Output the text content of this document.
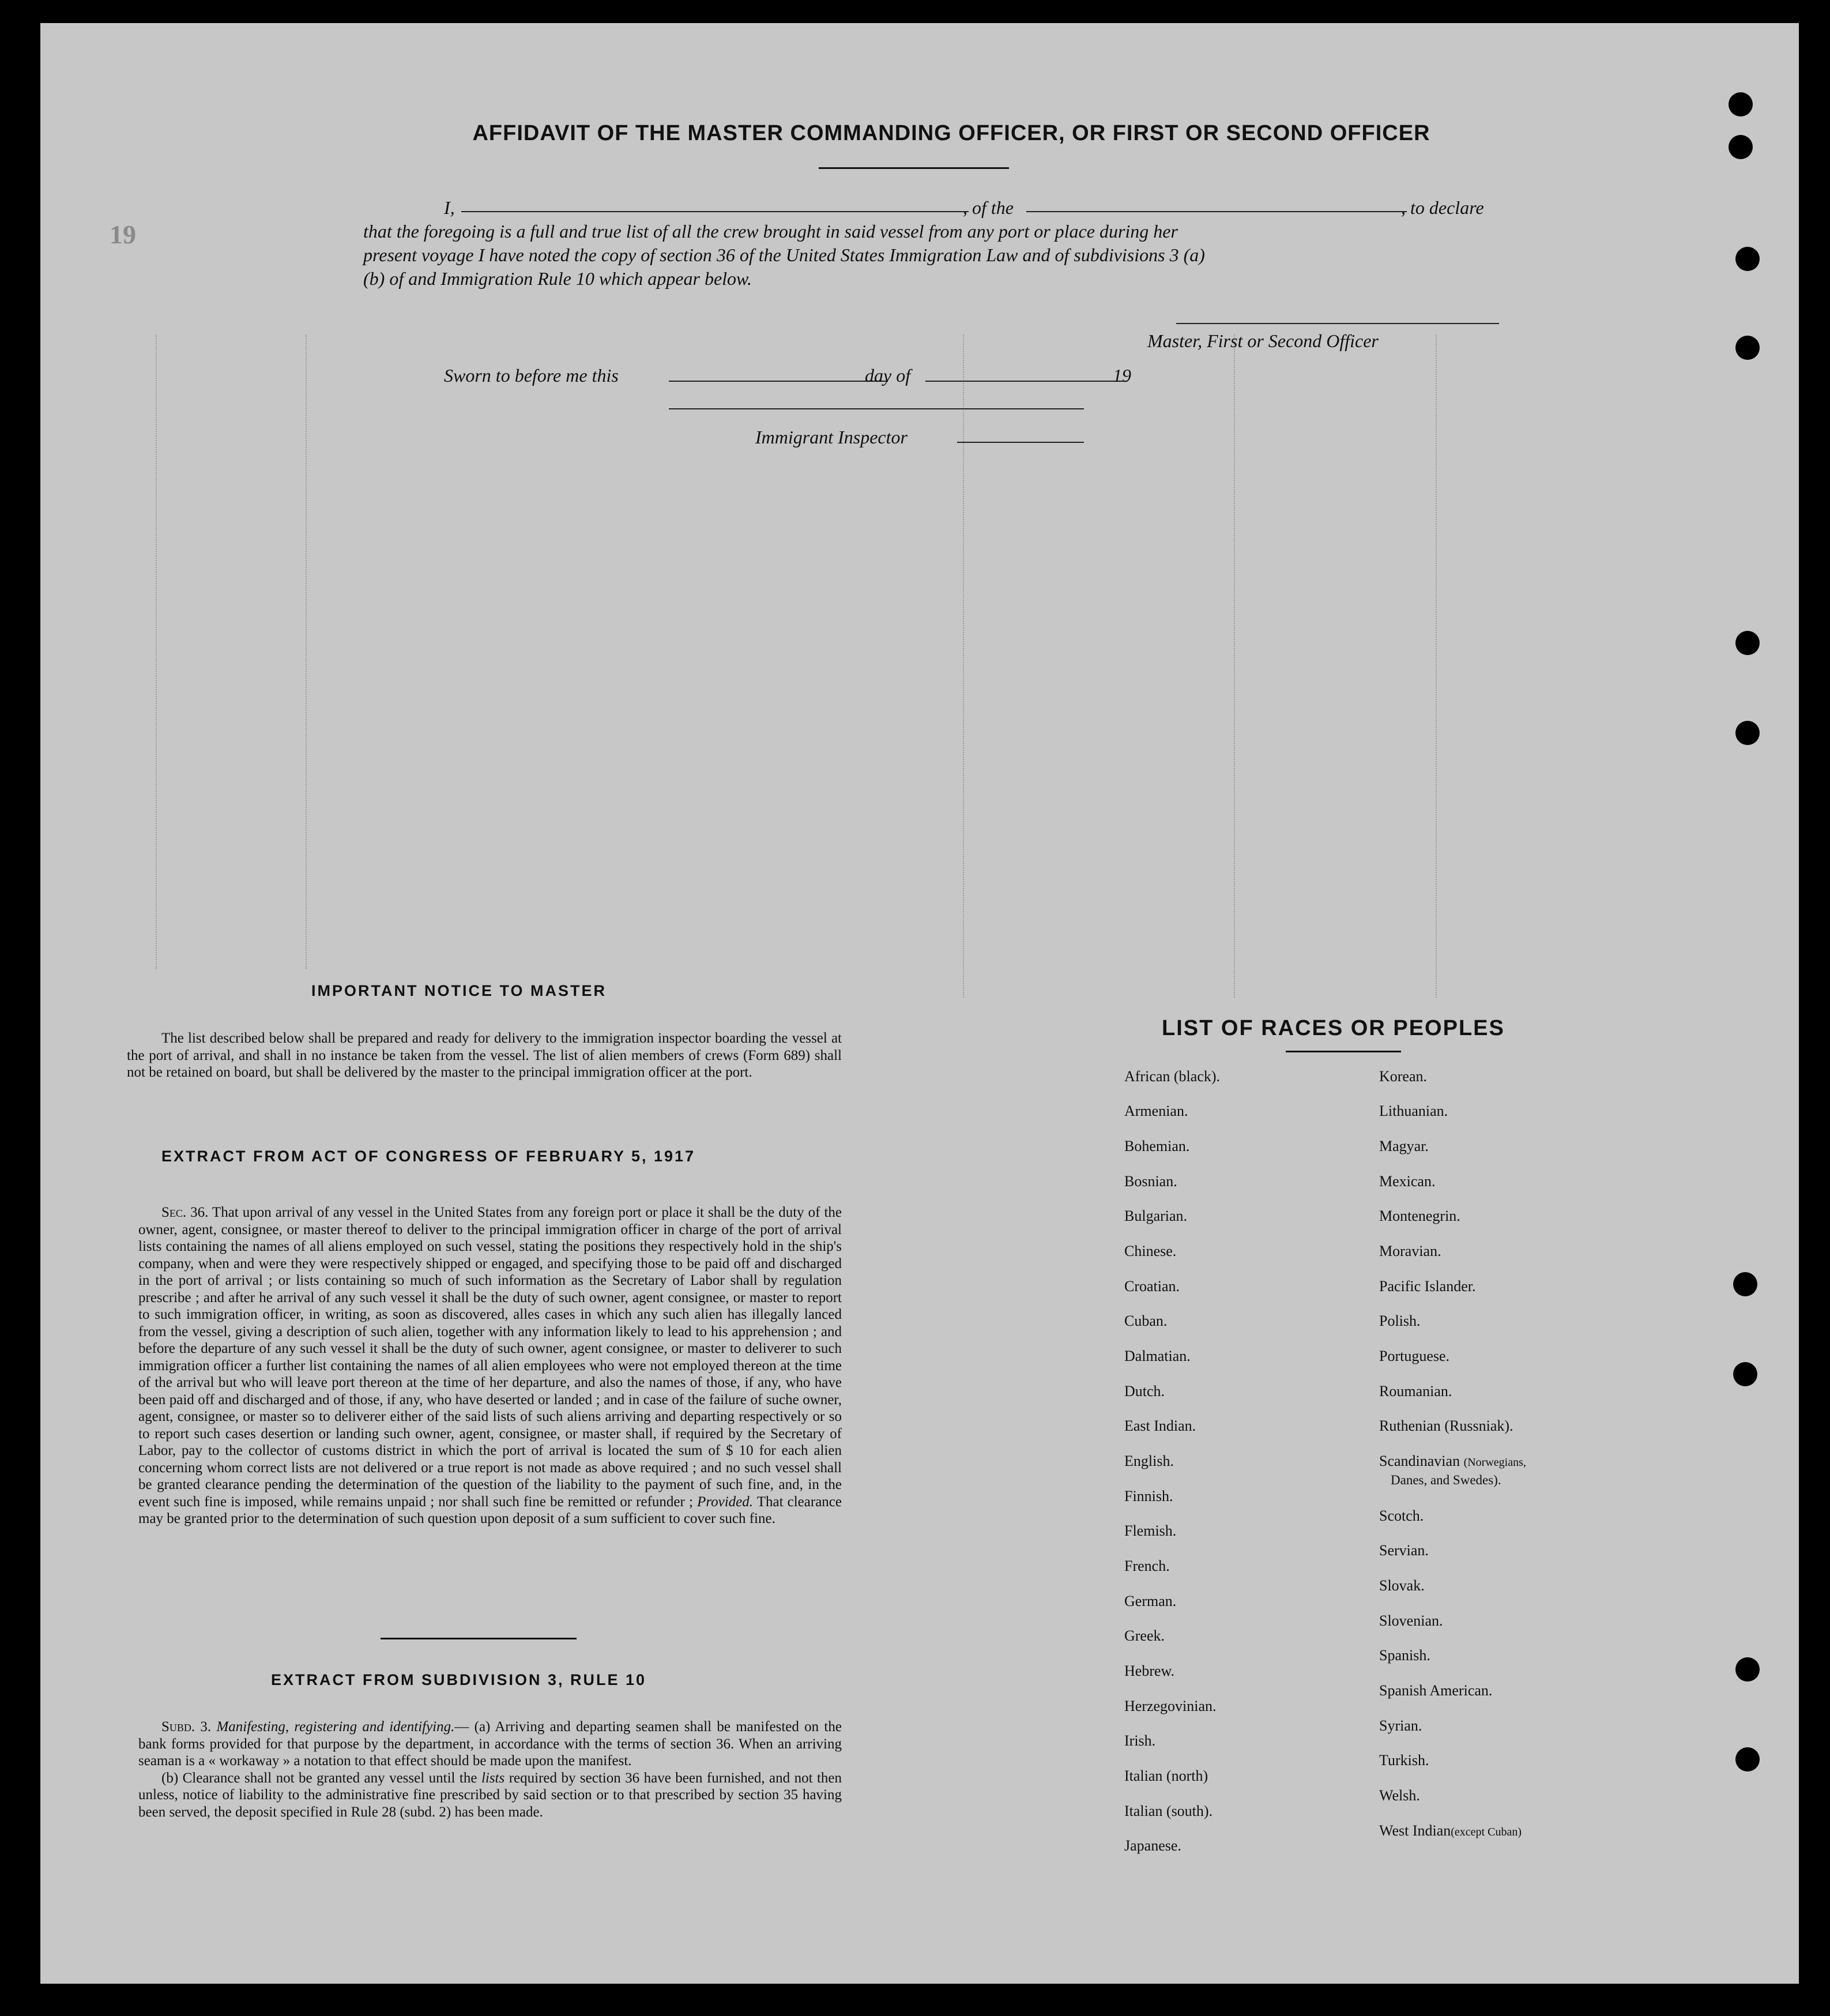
19
AFFIDAVIT OF THE MASTER COMMANDING OFFICER, OR FIRST OR SECOND OFFICER
I,	, of the	, to declare
that the foregoing is a full and true list of all the crew brought in said vessel from any port or place during her
present voyage I have noted the copy of section 36 of the United States Immigration Law and of subdivisions 3 (a)
(b) of and Immigration Rule 10 which appear below.
Master, First or Second Officer
Sworn to before me this	day of	19
Immigrant Inspector
IMPORTANT NOTICE TO MASTER
The list described below shall be prepared and ready for delivery to the immigration inspector boarding the vessel at the port of arrival, and shall in no instance be taken from the vessel. The list of alien members of crews (Form 689) shall not be retained on board, but shall be delivered by the master to the principal immigration officer at the port.
EXTRACT FROM ACT OF CONGRESS OF FEBRUARY 5, 1917

Sec. 36. That upon arrival of any vessel in the United States from any foreign port or place it shall be the duty of the owner, agent, consignee, or master thereof to deliver to the principal immigration officer in charge of the port of arrival lists containing the names of all aliens employed on such vessel, stating the positions they respectively hold in the ship's company, when and were they were respectively shipped or engaged, and specifying those to be paid off and discharged in the port of arrival ; or lists containing so much of such information as the Secretary of Labor shall by regulation prescribe ; and after he arrival of any such vessel it shall be the duty of such owner, agent consignee, or master to report to such immigration officer, in writing, as soon as discovered, alles cases in which any such alien has illegally lanced from the vessel, giving a description of such alien, together with any information likely to lead to his apprehension ; and before the departure of any such vessel it shall be the duty of such owner, agent consignee, or master to deliverer to such immigration officer a further list containing the names of all alien employees who were not employed thereon at the time of the arrival but who will leave port thereon at the time of her departure, and also the names of those, if any, who have been paid off and discharged and of those, if any, who have deserted or landed ; and in case of the failure of suche owner, agent, consignee, or master so to deliverer either of the said lists of such aliens arriving and departing respectively or so to report such cases desertion or landing such owner, agent, consignee, or master shall, if required by the Secretary of Labor, pay to the collector of customs district in which the port of arrival is located the sum of $ 10 for each alien concerning whom correct lists are not delivered or a true report is not made as above required ; and no such vessel shall be granted clearance pending the determination of the question of the liability to the payment of such fine, and, in the event such fine is imposed, while remains unpaid ; nor shall such fine be remitted or refunder ; Provided. That clearance may be granted prior to the determination of such question upon deposit of a sum sufficient to cover such fine.

EXTRACT FROM SUBDIVISION 3, RULE 10

Subd. 3. Manifesting, registering and identifying.— (a) Arriving and departing seamen shall be manifested on the bank forms provided for that purpose by the department, in accordance with the terms of section 36. When an arriving seaman is a « workaway » a notation to that effect should be made upon the manifest.

(b) Clearance shall not be granted any vessel until the lists required by section 36 have been furnished, and not then unless, notice of liability to the administrative fine prescribed by said section or to that prescribed by section 35 having been served, the deposit specified in Rule 28 (subd. 2) has been made.

LIST OF RACES OR PEOPLES
African (black).
Armenian.
Bohemian.
Bosnian.
Bulgarian.
Chinese.
Croatian.
Cuban.
Dalmatian.
Dutch.
East Indian.
English.
Finnish.
Flemish.
French.
German.
Greek.
Hebrew.
Herzegovinian.
Irish.
Italian (north)
Italian (south).
Japanese.
Korean.
Lithuanian.
Magyar.
Mexican.
Montenegrin.
Moravian.
Pacific Islander.
Polish.
Portuguese.
Roumanian.
Ruthenian (Russniak).
Scandinavian (Norwegians,
Danes, and Swedes).
Scotch.
Servian.
Slovak.
Slovenian.
Spanish.
Spanish American.
Syrian.
Turkish.
Welsh.
West Indian(except Cuban)
